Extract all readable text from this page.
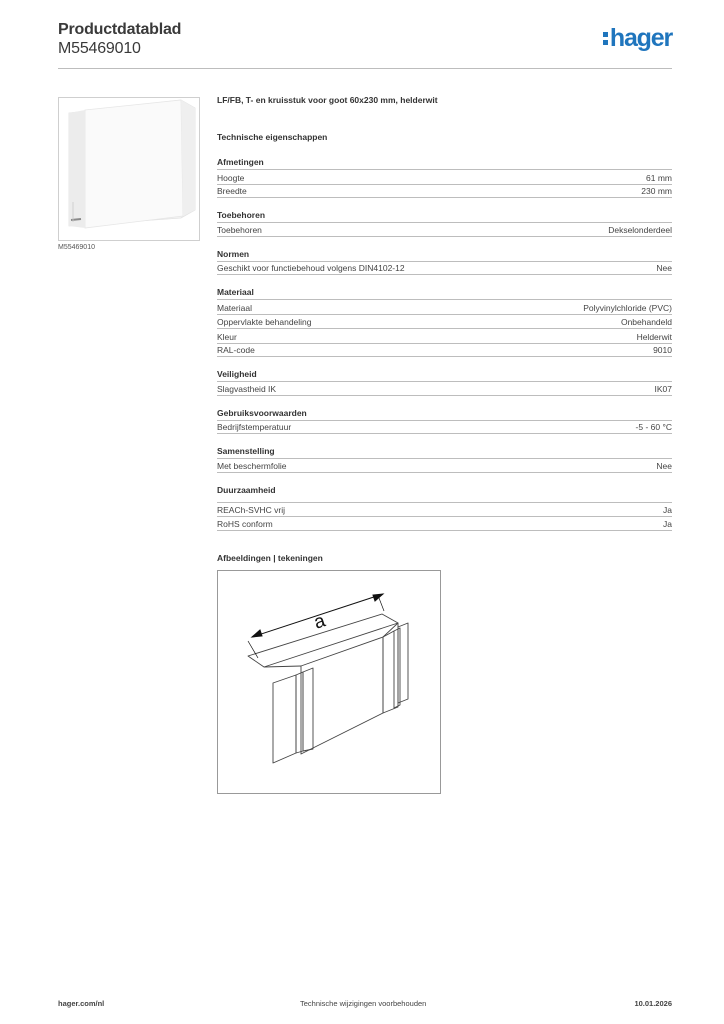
Productdatablad
M55469010	hager
M55469010
LF/FB, T- en kruisstuk voor goot 60x230 mm, helderwit
Technische eigenschappen
Afmetingen
Hoogte	61 mm
Breedte	230 mm
Toebehoren
Toebehoren	Dekselonderdeel
Normen
Geschikt voor functiebehoud volgens DIN4102-12	Nee
Materiaal
Materiaal	Polyvinylchloride (PVC)
Oppervlakte behandeling	Onbehandeld
Kleur	Helderwit
RAL-code	9010
Veiligheid
Slagvastheid IK	IK07
Gebruiksvoorwaarden
Bedrijfstemperatuur	-5 - 60 °C
Samenstelling
Met beschermfolie	Nee
Duurzaamheid
REACh-SVHC vrij	Ja
RoHS conform	Ja
Afbeeldingen | tekeningen
a
hager.com/nl	Technische wijzigingen voorbehouden	10.01.2026
